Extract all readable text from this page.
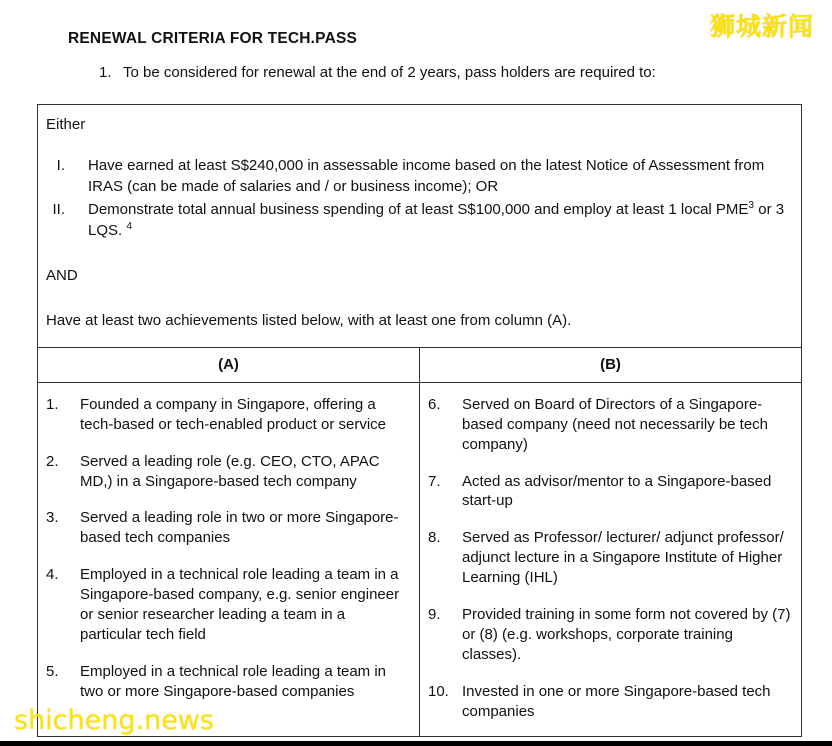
狮城新闻
RENEWAL CRITERIA FOR TECH.PASS
1. To be considered for renewal at the end of 2 years, pass holders are required to:

Either

I.	Have earned at least S$240,000 in assessable income based on the latest Notice of Assessment from IRAS (can be made of salaries and / or business income); OR
II.	Demonstrate total annual business spending of at least S$100,000 and employ at least 1 local PME$^3$ or 3 LQS. $^4$

AND

Have at least two achievements listed below, with at least one from column (A).

(A)
1.	Founded a company in Singapore, offering a tech-based or tech-enabled product or service
2.	Served a leading role (e.g. CEO, CTO, APAC MD,) in a Singapore-based tech company
3.	Served a leading role in two or more Singapore-based tech companies
4.	Employed in a technical role leading a team in a Singapore-based company, e.g. senior engineer or senior researcher leading a team in a particular tech field
5.	Employed in a technical role leading a team in two or more Singapore-based companies
(B)
6.	Served on Board of Directors of a Singapore-based company (need not necessarily be tech company)
7.	Acted as advisor/mentor to a Singapore-based start-up
8.	Served as Professor/ lecturer/ adjunct professor/ adjunct lecture in a Singapore Institute of Higher Learning (IHL)
9.	Provided training in some form not covered by (7) or (8) (e.g. workshops, corporate training classes).
10. Invested in one or more Singapore-based tech companies
shicheng.news
